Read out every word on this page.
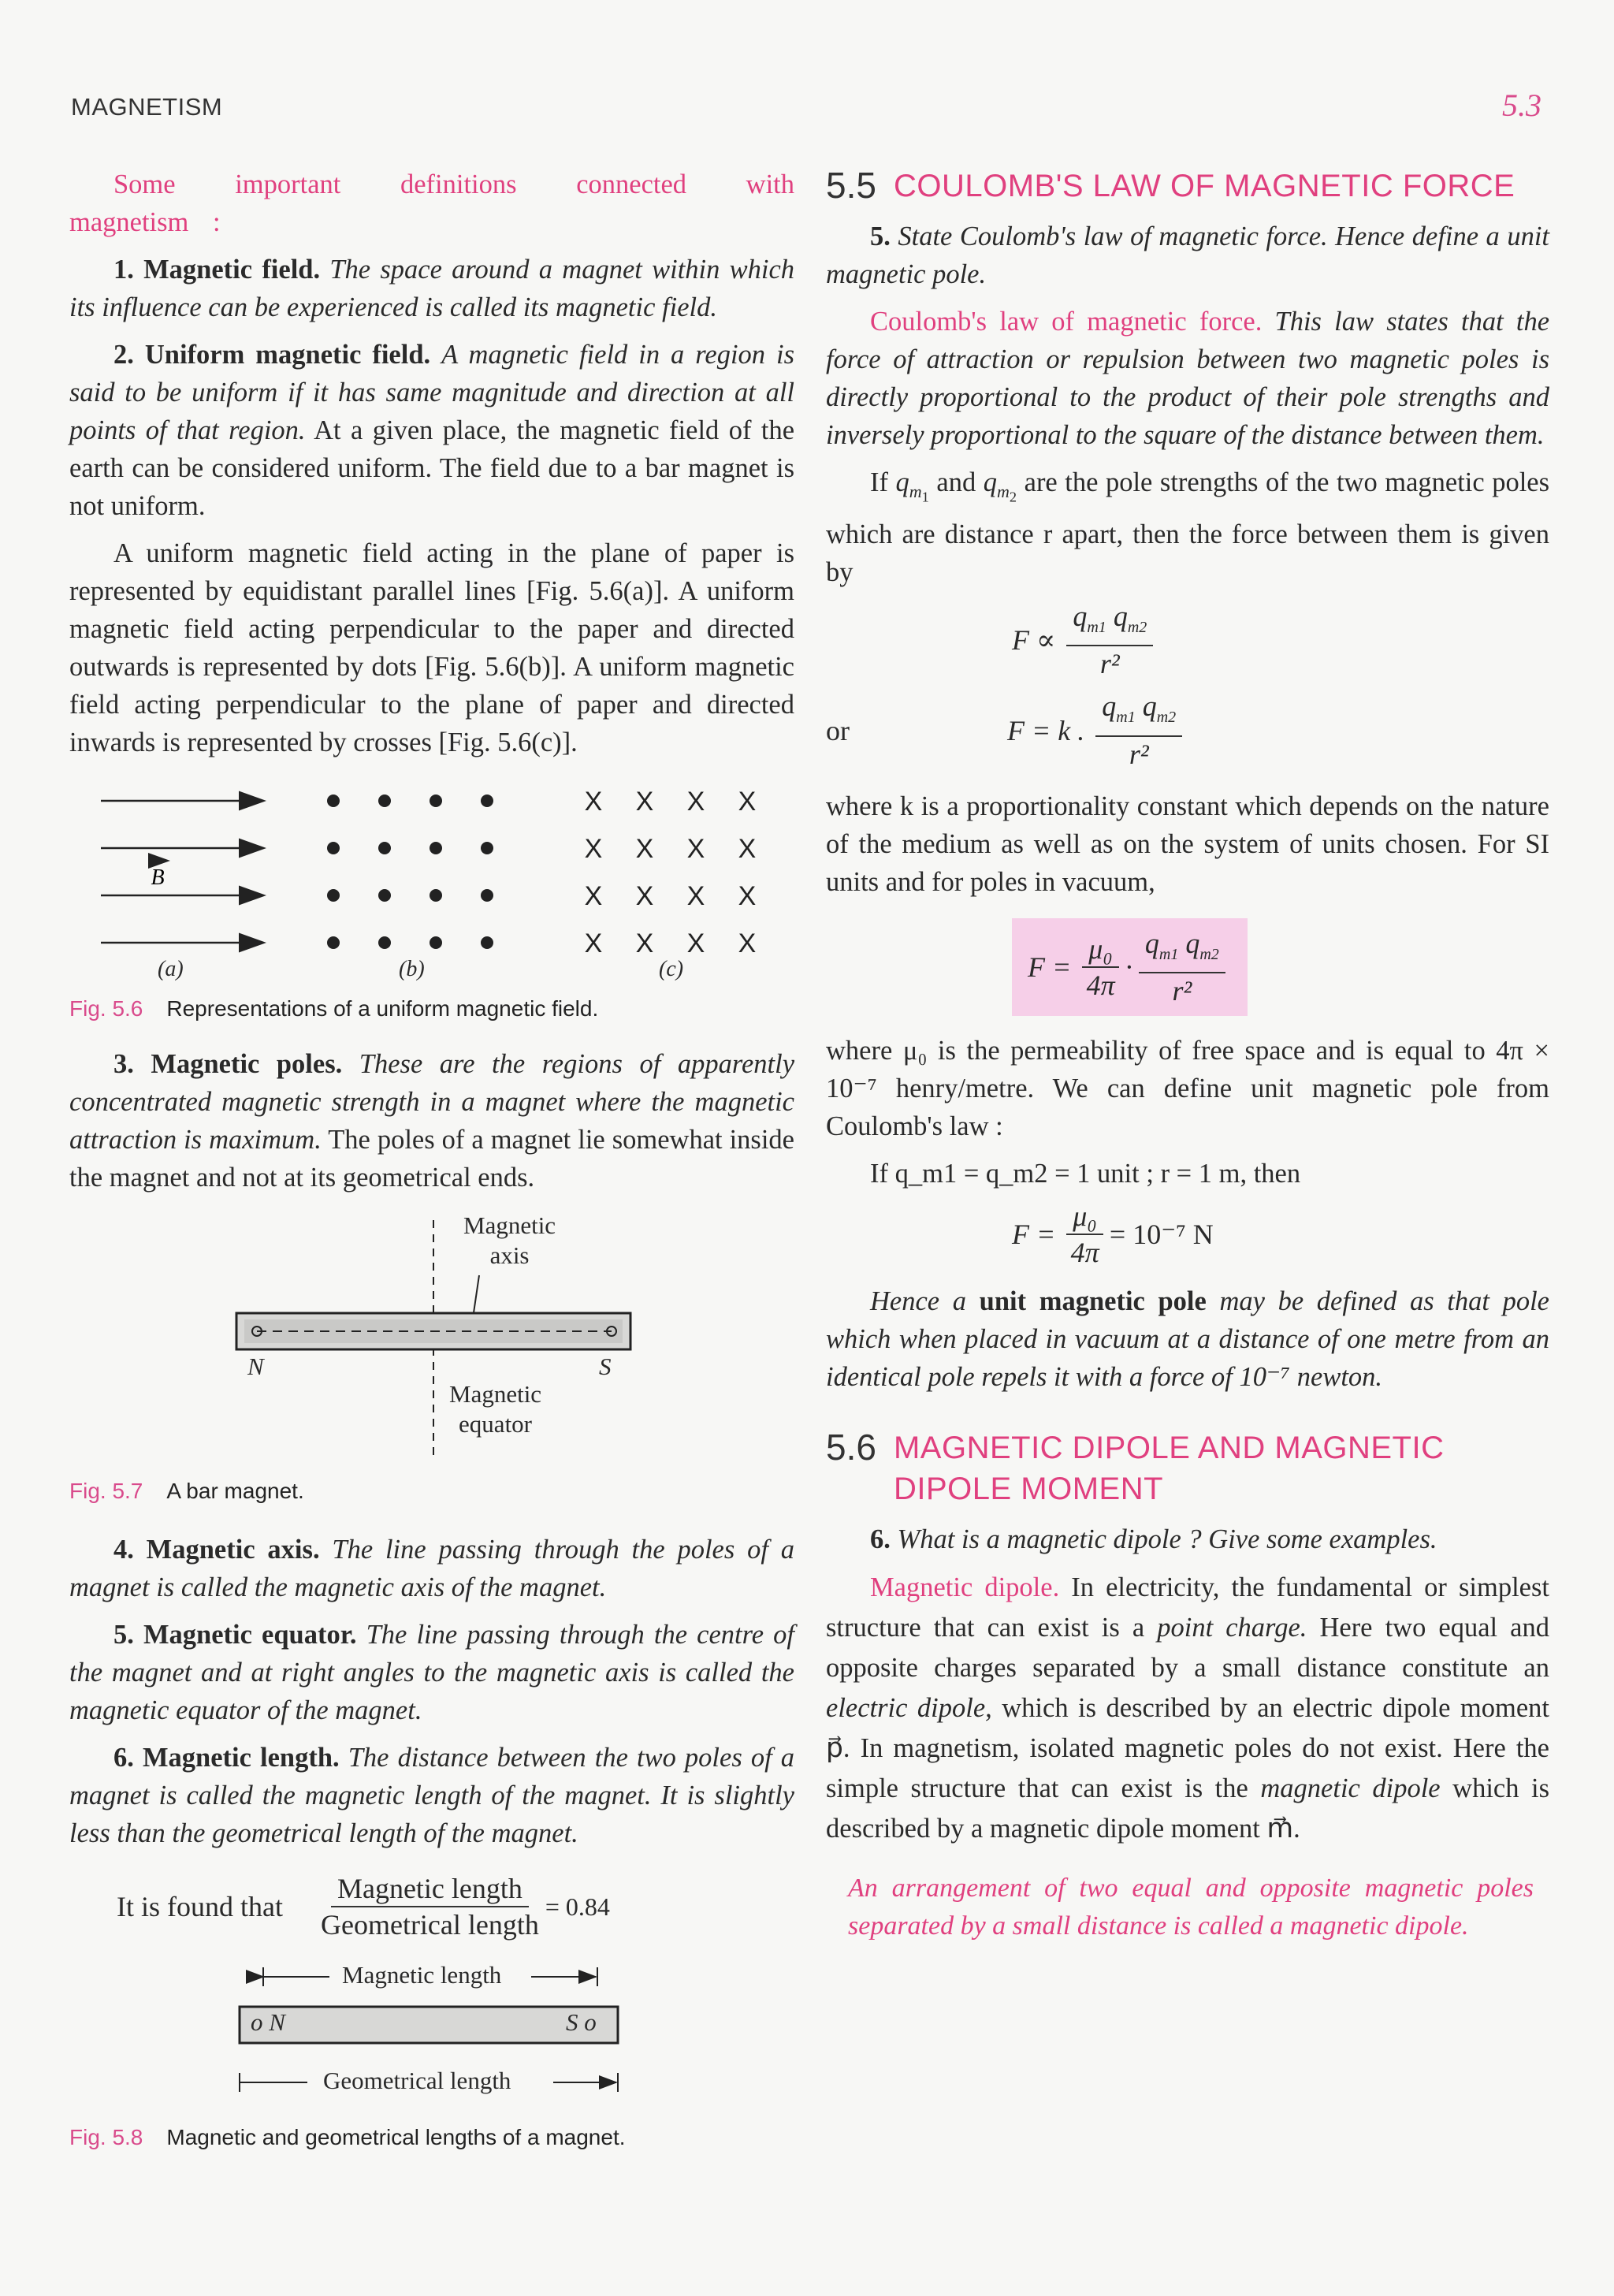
MAGNETISM	5.3

Some important definitions connected with magnetism :

1. Magnetic field. The space around a magnet within which its influence can be experienced is called its magnetic field.

2. Uniform magnetic field. A magnetic field in a region is said to be uniform if it has same magnitude and direction at all points of that region. At a given place, the magnetic field of the earth can be considered uniform. The field due to a bar magnet is not uniform.

A uniform magnetic field acting in the plane of paper is represented by equidistant parallel lines [Fig. 5.6(a)]. A uniform magnetic field acting perpendicular to the paper and directed outwards is represented by dots [Fig. 5.6(b)]. A uniform magnetic field acting perpendicular to the plane of paper and directed inwards is represented by crosses [Fig. 5.6(c)].

X X X X
X X X X
X X X X
X X X X
B
(a)	(b)	(c)
Fig. 5.6 Representations of a uniform magnetic field.

3. Magnetic poles. These are the regions of apparently concentrated magnetic strength in a magnet where the magnetic attraction is maximum. The poles of a magnet lie somewhat inside the magnet and not at its geometrical ends.

Magnetic
axis
N	S
Magnetic
equator
Fig. 5.7 A bar magnet.

4. Magnetic axis. The line passing through the poles of a magnet is called the magnetic axis of the magnet.

5. Magnetic equator. The line passing through the centre of the magnet and at right angles to the magnetic axis is called the magnetic equator of the magnet.

6. Magnetic length. The distance between the two poles of a magnet is called the magnetic length of the magnet. It is slightly less than the geometrical length of the magnet.

It is found that $\frac{\text{Magnetic length}}{\text{Geometrical length}} = 0.84$
Magnetic length
o N	S o
Geometrical length
Fig. 5.8 Magnetic and geometrical lengths of a magnet.
5.5 COULOMB'S LAW OF MAGNETIC FORCE

5. State Coulomb's law of magnetic force. Hence define a unit magnetic pole.

Coulomb's law of magnetic force. This law states that the force of attraction or repulsion between two magnetic poles is directly proportional to the product of their pole strengths and inversely proportional to the square of the distance between them.

If $q_{m_1}$ and $q_{m_2}$ are the pole strengths of the two magnetic poles which are distance r apart, then the force between them is given by

$F \propto \frac{q_{m1} q_{m2}}{\text{r²}}$
or	F = k . $\frac{q_{m1} q_{m2}}{\text{r²}}$

where k is a proportionality constant which depends on the nature of the medium as well as on the system of units chosen. For SI units and for poles in vacuum,

$F = \frac{\text{μ₀}}{4\pi} \cdot \frac{q_{m1} q_{m2}}{\text{r²}}$

where μ₀ is the permeability of free space and is equal to 4π × 10⁻⁷ henry/metre. We can define unit magnetic pole from Coulomb's law :

If q_m1 = q_m2 = 1 unit ; r = 1 m, then

$F = \frac{\text{μ₀}}{4\pi} = 10^{-7}$ N

Hence a unit magnetic pole may be defined as that pole which when placed in vacuum at a distance of one metre from an identical pole repels it with a force of 10⁻⁷ newton.

5.6 MAGNETIC DIPOLE AND MAGNETIC
DIPOLE MOMENT

6. What is a magnetic dipole ? Give some examples.

Magnetic dipole. In electricity, the fundamental or simplest structure that can exist is a point charge. Here two equal and opposite charges separated by a small distance constitute an electric dipole, which is described by an electric dipole moment p⃗. In magnetism, isolated magnetic poles do not exist. Here the simple structure that can exist is the magnetic dipole which is described by a magnetic dipole moment m⃗.

An arrangement of two equal and opposite magnetic poles separated by a small distance is called a magnetic dipole.
